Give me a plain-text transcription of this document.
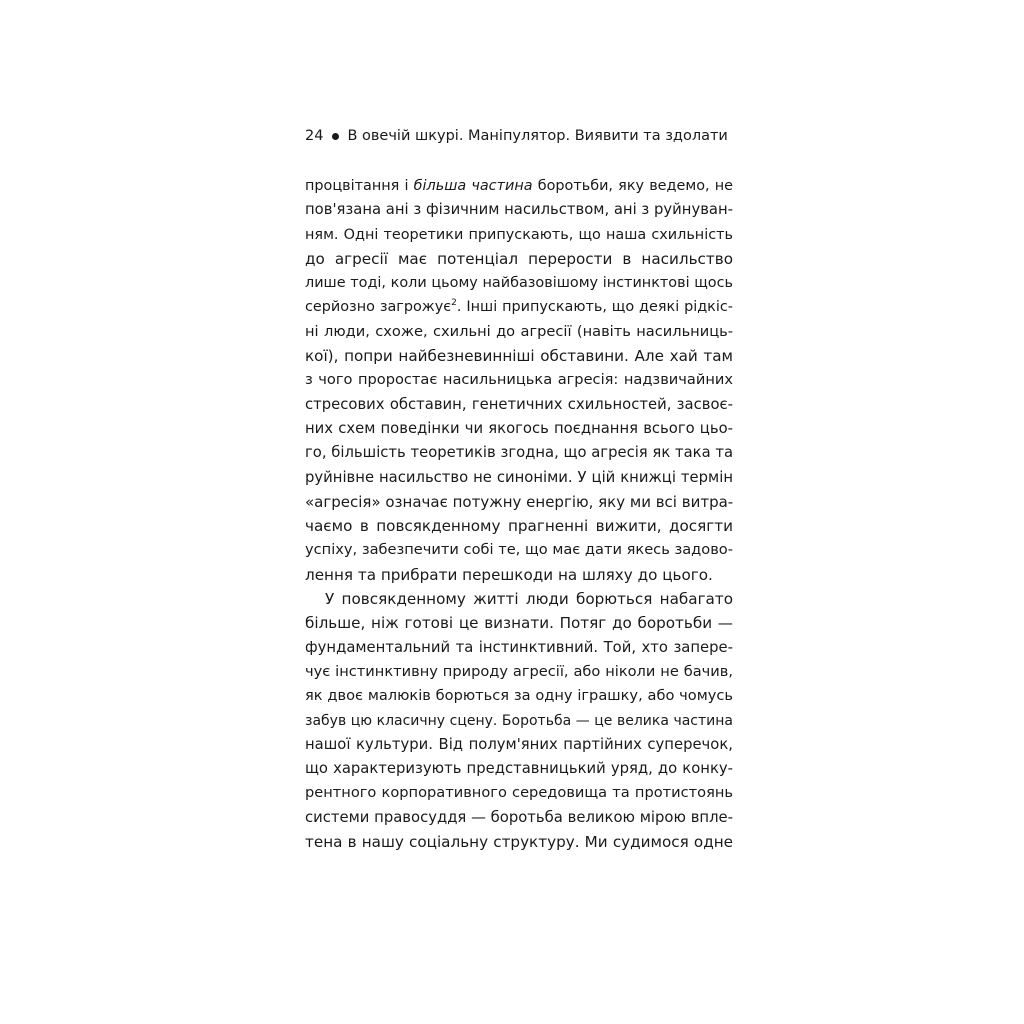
24 В овечій шкурі. Маніпулятор. Виявити та здолати
процвітання і більша частина боротьби, яку ведемо, не
пов'язана ані з фізичним насильством, ані з руйнуван-
ням. Одні теоретики припускають, що наша схильність
до агресії має потенціал перерости в насильство
лише тоді, коли цьому найбазовішому інстинктові щось
серйозно загрожує$^2$. Інші припускають, що деякі рідкіс-
ні люди, схоже, схильні до агресії (навіть насильниць-
кої), попри найбезневинніші обставини. Але хай там
з чого проростає насильницька агресія: надзвичайних
стресових обставин, генетичних схильностей, засвоє-
них схем поведінки чи якогось поєднання всього цьо-
го, більшість теоретиків згодна, що агресія як така та
руйнівне насильство не синоніми. У цій книжці термін
«агресія» означає потужну енергію, яку ми всі витра-
чаємо в повсякденному прагненні вижити, досягти
успіху, забезпечити собі те, що має дати якесь задово-
лення та прибрати перешкоди на шляху до цього.
У повсякденному житті люди борються набагато
більше, ніж готові це визнати. Потяг до боротьби —
фундаментальний та інстинктивний. Той, хто запере-
чує інстинктивну природу агресії, або ніколи не бачив,
як двоє малюків борються за одну іграшку, або чомусь
забув цю класичну сцену. Боротьба — це велика частина
нашої культури. Від полум'яних партійних суперечок,
що характеризують представницький уряд, до конку-
рентного корпоративного середовища та протистоянь
системи правосуддя — боротьба великою мірою вплe-
тена в нашу соціальну структуру. Ми судимося одне
